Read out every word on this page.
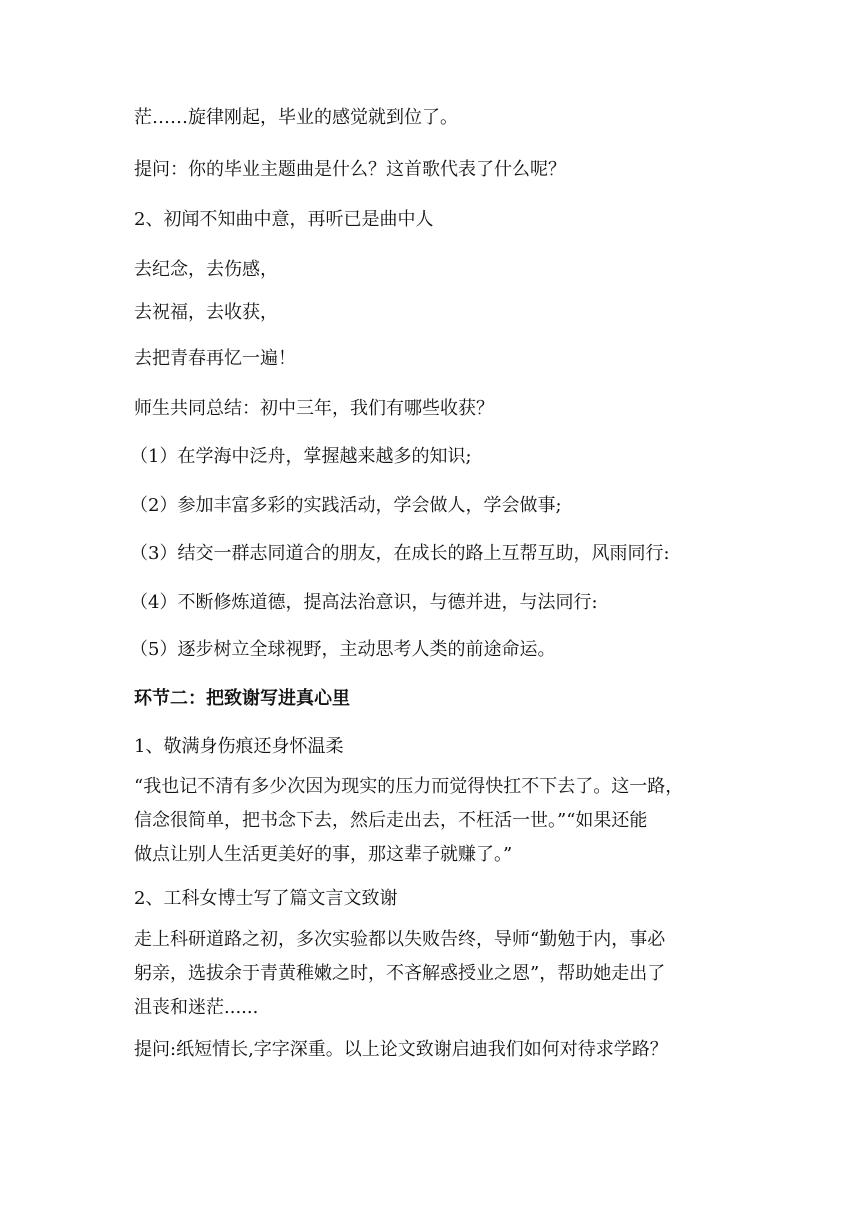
茫……旋律刚起，毕业的感觉就到位了。
提问：你的毕业主题曲是什么？这首歌代表了什么呢？
2、初闻不知曲中意，再听已是曲中人
去纪念，去伤感，
去祝福，去收获，
去把青春再忆一遍！
师生共同总结：初中三年，我们有哪些收获？
（1）在学海中泛舟，掌握越来越多的知识;
（2）参加丰富多彩的实践活动，学会做人，学会做事;
（3）结交一群志同道合的朋友，在成长的路上互帮互助，风雨同行:
（4）不断修炼道德，提高法治意识，与德并进，与法同行:
（5）逐步树立全球视野，主动思考人类的前途命运。
环节二：把致谢写进真心里
1、敬满身伤痕还身怀温柔
“我也记不清有多少次因为现实的压力而觉得快扛不下去了。这一路，
信念很简单，把书念下去，然后走出去，不枉活一世。”“如果还能
做点让别人生活更美好的事，那这辈子就赚了。”
2、工科女博士写了篇文言文致谢
走上科研道路之初，多次实验都以失败告终，导师“勤勉于内，事必
躬亲，选拔余于青黄稚嫩之时，不吝解惑授业之恩”，帮助她走出了
沮丧和迷茫......
提问:纸短情长,字字深重。以上论文致谢启迪我们如何对待求学路？
